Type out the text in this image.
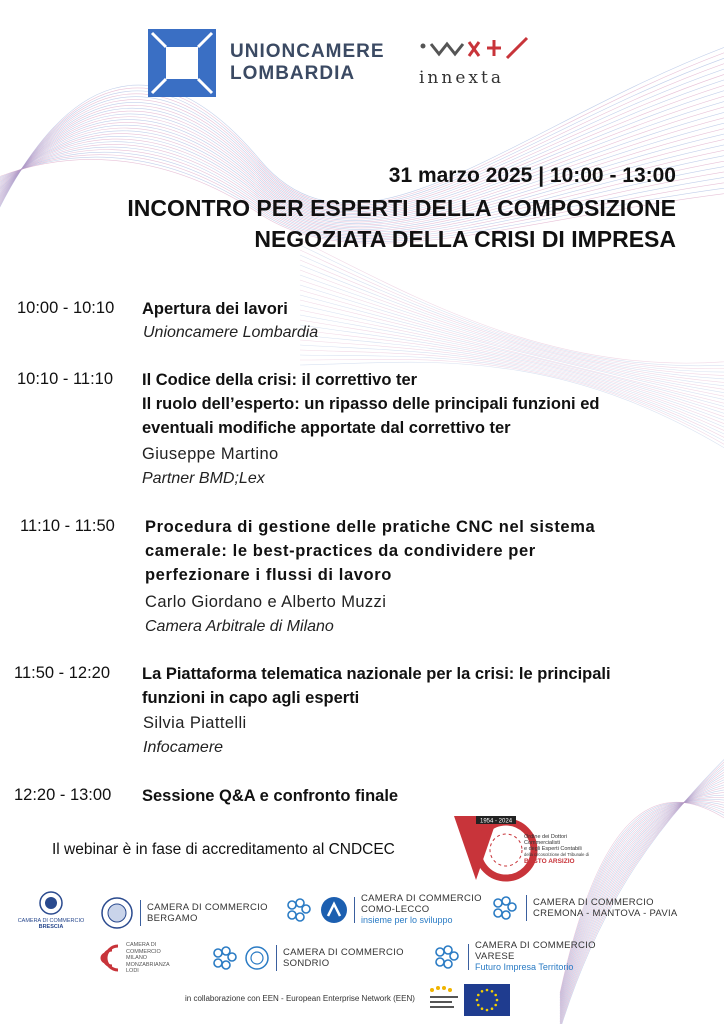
UNIONCAMERE
LOMBARDIA	innexta
31 marzo 2025 | 10:00 - 13:00
INCONTRO PER ESPERTI DELLA COMPOSIZIONE
NEGOZIATA DELLA CRISI DI IMPRESA
10:00 - 10:10 Apertura dei lavori
Unioncamere Lombardia
10:10 - 11:10 Il Codice della crisi: il correttivo ter
Il ruolo dell’esperto: un ripasso delle principali funzioni ed
eventuali modifiche apportate dal correttivo ter
Giuseppe Martino
Partner BMD;Lex
11:10 - 11:50 Procedura di gestione delle pratiche CNC nel sistema
camerale: le best-practices da condividere per
perfezionare i flussi di lavoro
Carlo Giordano e Alberto Muzzi
Camera Arbitrale di Milano
11:50 - 12:20 La Piattaforma telematica nazionale per la crisi: le principali
funzioni in capo agli esperti
Silvia Piattelli
Infocamere
12:20 - 13:00 Sessione Q&A e confronto finale
Il webinar è in fase di accreditamento al CNDCEC
1954 - 2024
Ordine dei Dottori
Commercialisti
e degli Esperti Contabili
della circoscrizione del Tribunale di
BUSTO ARSIZIO
CAMERA DI COMMERCIO
BRESCIA
CAMERA DI COMMERCIO
BERGAMO
CAMERA DI COMMERCIO
COMO-LECCO
insieme per lo sviluppo
CAMERA DI COMMERCIO
CREMONA - MANTOVA - PAVIA
CAMERA DI
COMMERCIO
MILANO
MONZABRIANZA
LODI
CAMERA DI COMMERCIO
SONDRIO
CAMERA DI COMMERCIO
VARESE
Futuro Impresa Territorio
in collaborazione con EEN - European Enterprise Network (EEN)
